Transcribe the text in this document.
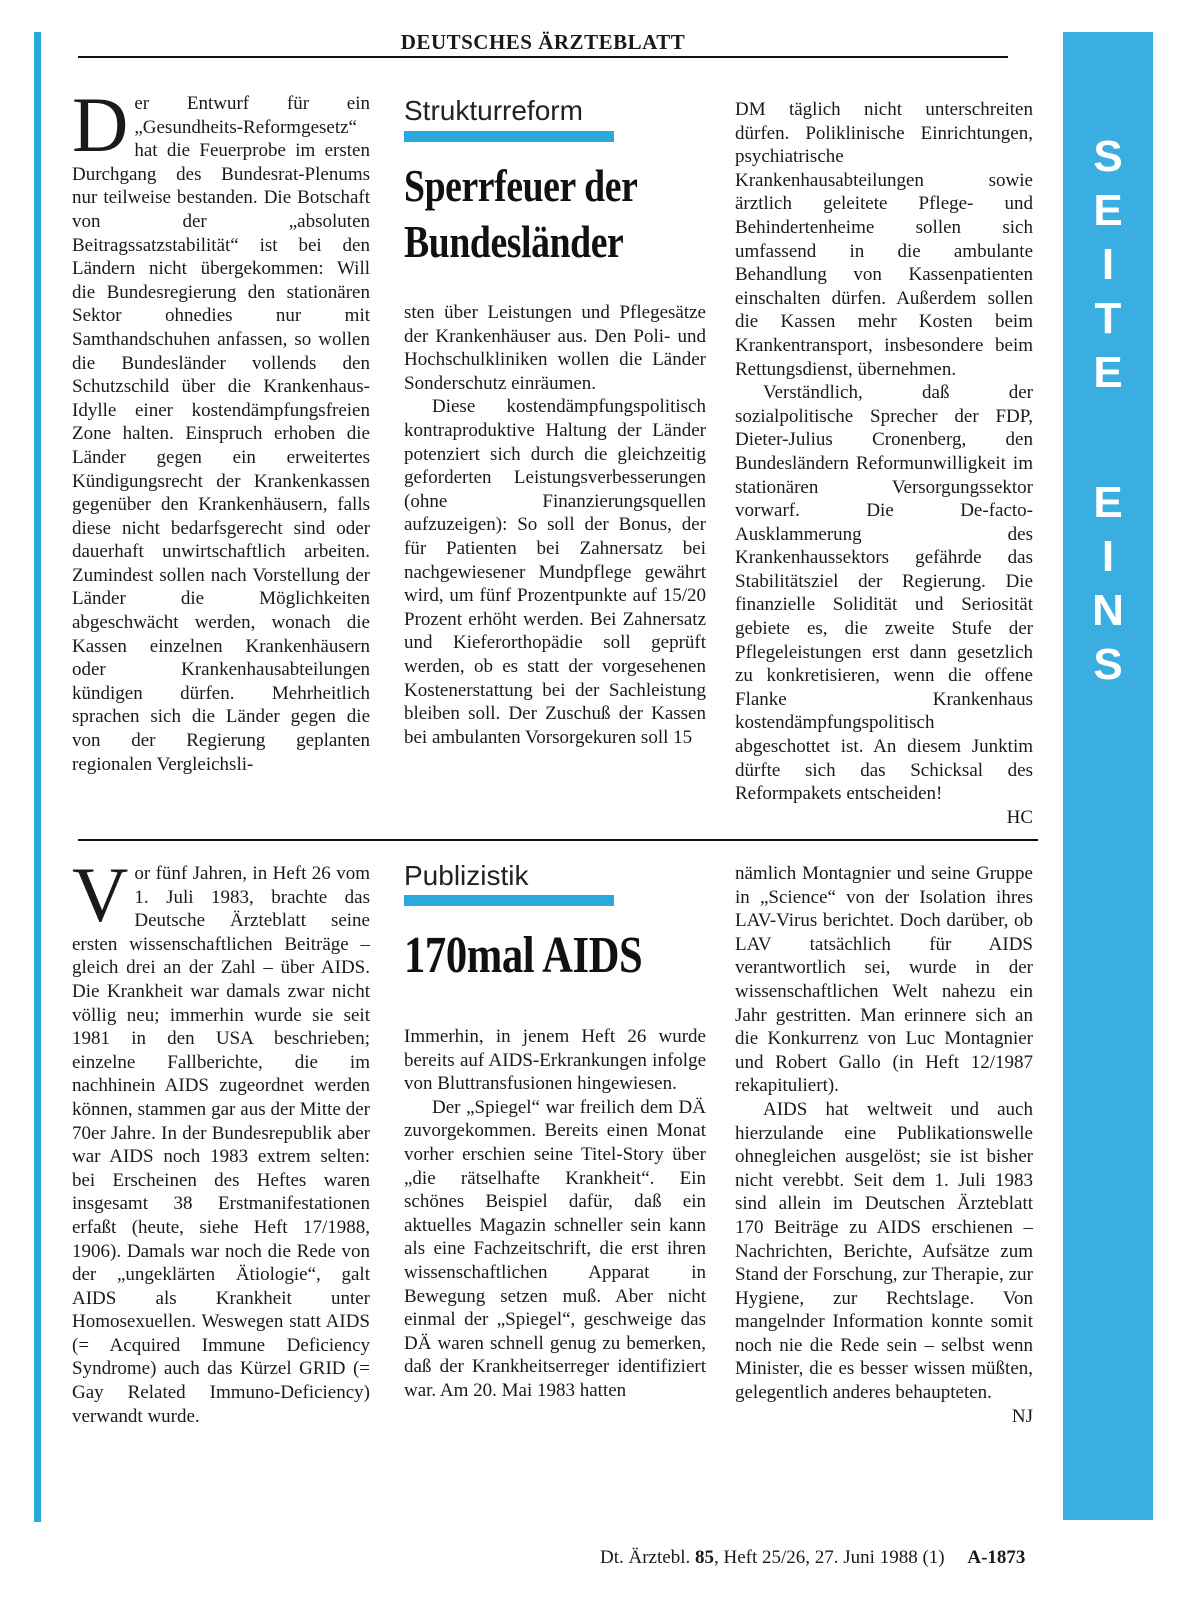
DEUTSCHES ÄRZTEBLATT
S
E
I
T
E
E
I
N
S

Der Entwurf für ein „Gesundheits-Reformgesetz“ hat die Feuerprobe im ersten Durchgang des Bundesrat-Plenums nur teilweise bestanden. Die Botschaft von der „absoluten Beitragssatzstabilität“ ist bei den Ländern nicht übergekommen: Will die Bundesregierung den stationären Sektor ohnedies nur mit Samthandschuhen anfassen, so wollen die Bundesländer vollends den Schutzschild über die Krankenhaus-Idylle einer kostendämpfungsfreien Zone halten. Einspruch erhoben die Länder gegen ein erweitertes Kündigungsrecht der Krankenkassen gegenüber den Krankenhäusern, falls diese nicht bedarfsgerecht sind oder dauerhaft unwirtschaftlich arbeiten. Zumindest sollen nach Vorstellung der Länder die Möglichkeiten abgeschwächt werden, wonach die Kassen einzelnen Krankenhäusern oder Krankenhausabteilungen kündigen dürfen. Mehrheitlich sprachen sich die Länder gegen die von der Regierung geplanten regionalen Vergleichsli-

Strukturreform
Sperrfeuer der
Bundesländer

sten über Leistungen und Pflegesätze der Krankenhäuser aus. Den Poli- und Hochschulkliniken wollen die Länder Sonderschutz einräumen.

Diese kostendämpfungspolitisch kontraproduktive Haltung der Länder potenziert sich durch die gleichzeitig geforderten Leistungsverbesserungen (ohne Finanzierungsquellen aufzuzeigen): So soll der Bonus, der für Patienten bei Zahnersatz bei nachgewiesener Mundpflege gewährt wird, um fünf Prozentpunkte auf 15/20 Prozent erhöht werden. Bei Zahnersatz und Kieferorthopädie soll geprüft werden, ob es statt der vorgesehenen Kostenerstattung bei der Sachleistung bleiben soll. Der Zuschuß der Kassen bei ambulanten Vorsorgekuren soll 15

DM täglich nicht unterschreiten dürfen. Poliklinische Einrichtungen, psychiatrische Krankenhausabteilungen sowie ärztlich geleitete Pflege- und Behindertenheime sollen sich umfassend in die ambulante Behandlung von Kassenpatienten einschalten dürfen. Außerdem sollen die Kassen mehr Kosten beim Krankentransport, insbesondere beim Rettungsdienst, übernehmen.

Verständlich, daß der sozialpolitische Sprecher der FDP, Dieter-Julius Cronenberg, den Bundesländern Reformunwilligkeit im stationären Versorgungssektor vorwarf. Die De-facto-Ausklammerung des Krankenhaussektors gefährde das Stabilitätsziel der Regierung. Die finanzielle Solidität und Seriosität gebiete es, die zweite Stufe der Pflegeleistungen erst dann gesetzlich zu konkretisieren, wenn die offene Flanke Krankenhaus kostendämpfungspolitisch abgeschottet ist. An diesem Junktim dürfte sich das Schicksal des Reformpakets entscheiden!

HC

Vor fünf Jahren, in Heft 26 vom 1. Juli 1983, brachte das Deutsche Ärzteblatt seine ersten wissenschaftlichen Beiträge – gleich drei an der Zahl – über AIDS. Die Krankheit war damals zwar nicht völlig neu; immerhin wurde sie seit 1981 in den USA beschrieben; einzelne Fallberichte, die im nachhinein AIDS zugeordnet werden können, stammen gar aus der Mitte der 70er Jahre. In der Bundesrepublik aber war AIDS noch 1983 extrem selten: bei Erscheinen des Heftes waren insgesamt 38 Erstmanifestationen erfaßt (heute, siehe Heft 17/1988, 1906). Damals war noch die Rede von der „ungeklärten Ätiologie“, galt AIDS als Krankheit unter Homosexuellen. Weswegen statt AIDS (= Acquired Immune Deficiency Syndrome) auch das Kürzel GRID (= Gay Related Immuno-Deficiency) verwandt wurde.

Publizistik
170mal AIDS

Immerhin, in jenem Heft 26 wurde bereits auf AIDS-Erkrankungen infolge von Bluttransfusionen hingewiesen.

Der „Spiegel“ war freilich dem DÄ zuvorgekommen. Bereits einen Monat vorher erschien seine Titel-Story über „die rätselhafte Krankheit“. Ein schönes Beispiel dafür, daß ein aktuelles Magazin schneller sein kann als eine Fachzeitschrift, die erst ihren wissenschaftlichen Apparat in Bewegung setzen muß. Aber nicht einmal der „Spiegel“, geschweige das DÄ waren schnell genug zu bemerken, daß der Krankheitserreger identifiziert war. Am 20. Mai 1983 hatten

nämlich Montagnier und seine Gruppe in „Science“ von der Isolation ihres LAV-Virus berichtet. Doch darüber, ob LAV tatsächlich für AIDS verantwortlich sei, wurde in der wissenschaftlichen Welt nahezu ein Jahr gestritten. Man erinnere sich an die Konkurrenz von Luc Montagnier und Robert Gallo (in Heft 12/1987 rekapituliert).

AIDS hat weltweit und auch hierzulande eine Publikationswelle ohnegleichen ausgelöst; sie ist bisher nicht verebbt. Seit dem 1. Juli 1983 sind allein im Deutschen Ärzteblatt 170 Beiträge zu AIDS erschienen – Nachrichten, Berichte, Aufsätze zum Stand der Forschung, zur Therapie, zur Hygiene, zur Rechtslage. Von mangelnder Information konnte somit noch nie die Rede sein – selbst wenn Minister, die es besser wissen müßten, gelegentlich anderes behaupteten.

NJ
Dt. Ärztebl. 85, Heft 25/26, 27. Juni 1988 (1) A-1873
